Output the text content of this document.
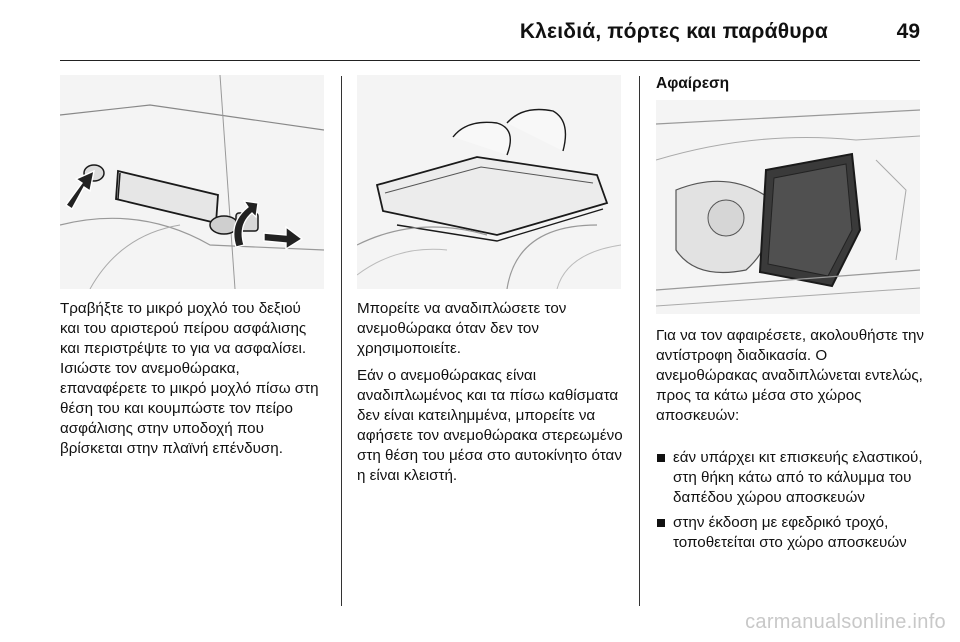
Κλειδιά, πόρτες και παράθυρα	49

Τραβήξτε το μικρό μοχλό του δεξιού και του αριστερού πείρου ασφάλισης και περιστρέψτε το για να ασφαλίσει. Ισιώστε τον ανεμοθώρακα, επαναφέρετε το μικρό μοχλό πίσω στη θέση του και κουμπώστε τον πείρο ασφάλισης στην υποδοχή που βρίσκεται στην πλαϊνή επένδυση.

Μπορείτε να αναδιπλώσετε τον ανεμοθώρακα όταν δεν τον χρησιμοποιείτε.

Εάν ο ανεμοθώρακας είναι αναδιπλωμένος και τα πίσω καθίσματα δεν είναι κατειλημμένα, μπορείτε να αφήσετε τον ανεμοθώρακα στερεωμένο στη θέση του μέσα στο αυτοκίνητο όταν η είναι κλειστή.

Αφαίρεση

Για να τον αφαιρέσετε, ακολουθήστε την αντίστροφη διαδικασία. Ο ανεμοθώρακας αναδιπλώνεται εντελώς, προς τα κάτω μέσα στο χώρος αποσκευών:

εάν υπάρχει κιτ επισκευής ελαστικού, στη θήκη κάτω από το κάλυμμα του δαπέδου χώρου αποσκευών
στην έκδοση με εφεδρικό τροχό, τοποθετείται στο χώρο αποσκευών
carmanualsonline.info
